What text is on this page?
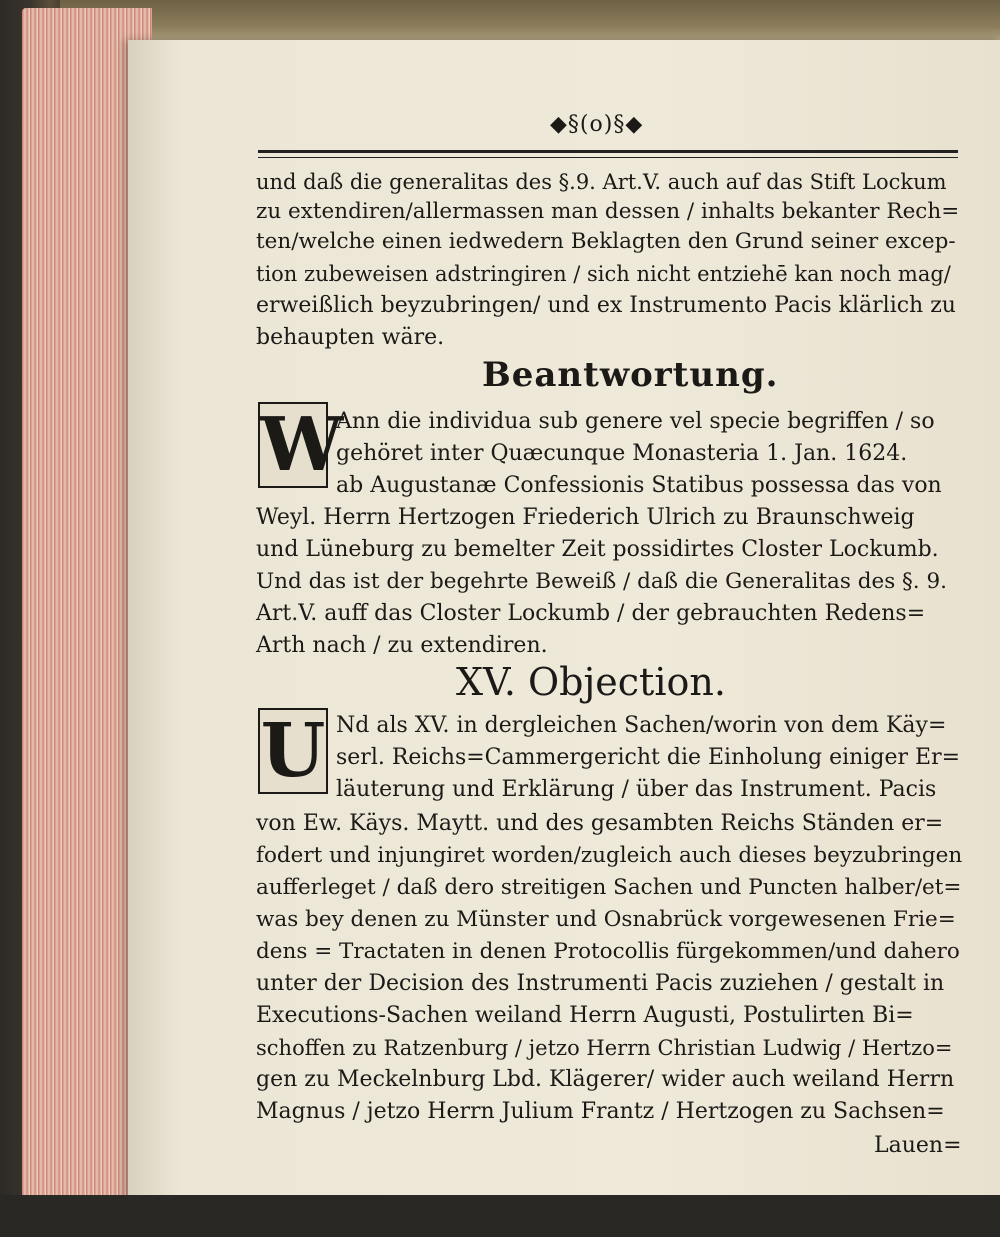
◆§(o)§◆
und daß die generalitas des §.9. Art.V. auch auf das Stift Lockum
zu extendiren/allermassen man dessen / inhalts bekanter Rech=
ten/welche einen iedwedern Beklagten den Grund seiner excep-
tion zubeweisen adstringiren / sich nicht entziehē kan noch mag/
erweißlich beyzubringen/ und ex Instrumento Pacis klärlich zu
behaupten wäre.
Beantwortung.
W
Ann die individua sub genere vel specie begriffen / so
gehöret inter Quæcunque Monasteria 1. Jan. 1624.
ab Augustanæ Confessionis Statibus possessa das von
Weyl. Herrn Hertzogen Friederich Ulrich zu Braunschweig
und Lüneburg zu bemelter Zeit possidirtes Closter Lockumb.
Und das ist der begehrte Beweiß / daß die Generalitas des §. 9.
Art.V. auff das Closter Lockumb / der gebrauchten Redens=
Arth nach / zu extendiren.
XV. Objection.
U Nd als XV. in dergleichen Sachen/worin von dem Käy=
serl. Reichs=Cammergericht die Einholung einiger Er=
läuterung und Erklärung / über das Instrument. Pacis
von Ew. Käys. Maytt. und des gesambten Reichs Ständen er=
fodert und injungiret worden/zugleich auch dieses beyzubringen
aufferleget / daß dero streitigen Sachen und Puncten halber/et=
was bey denen zu Münster und Osnabrück vorgewesenen Frie=
dens = Tractaten in denen Protocollis fürgekommen/und dahero
unter der Decision des Instrumenti Pacis zuziehen / gestalt in
Executions-Sachen weiland Herrn Augusti, Postulirten Bi=
schoffen zu Ratzenburg / jetzo Herrn Christian Ludwig / Hertzo=
gen zu Meckelnburg Lbd. Klägerer/ wider auch weiland Herrn
Magnus / jetzo Herrn Julium Frantz / Hertzogen zu Sachsen=
Lauen=
